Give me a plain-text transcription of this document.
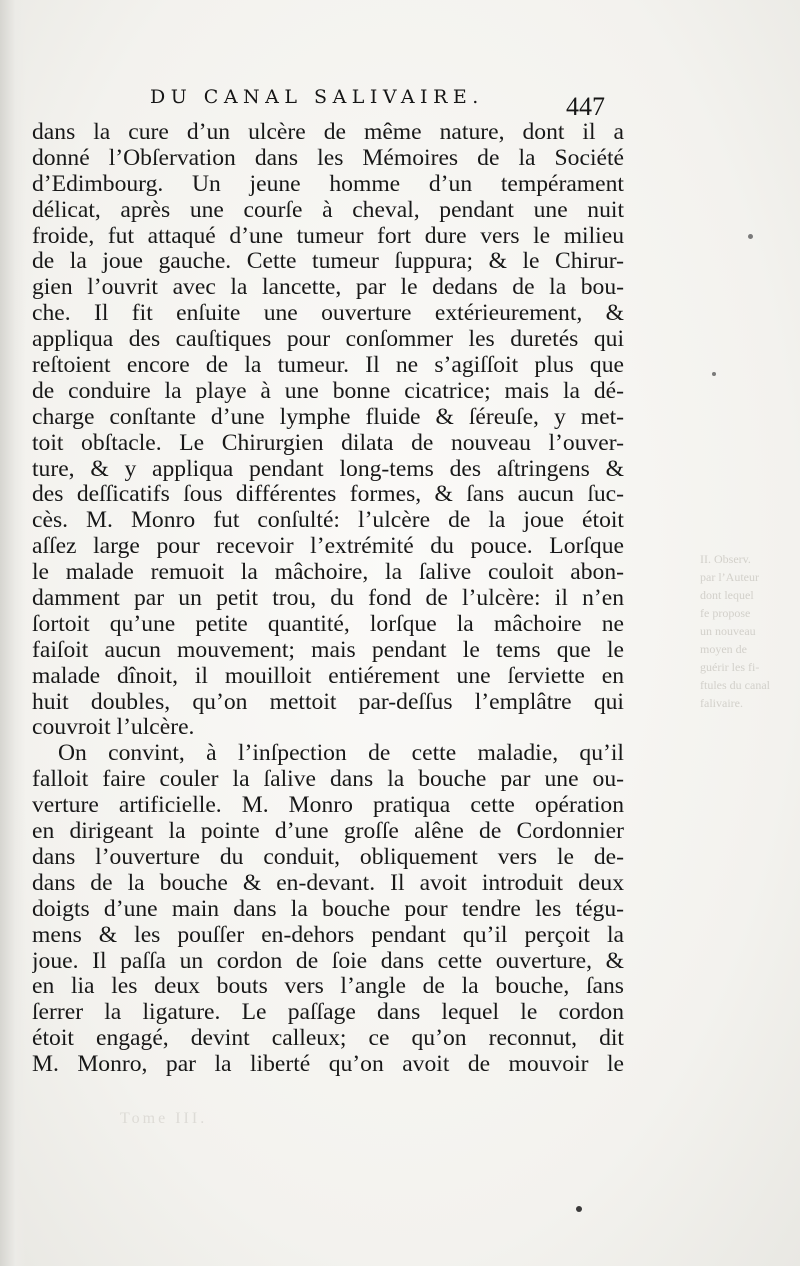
II. Observ.
par l’Auteur
dont lequel
fe propose
un nouveau
moyen de
guérir les fi-
ftules du canal
falivaire.
Tome III.
DU CANAL SALIVAIRE.	447
dans la cure d’un ulcère de même nature, dont il a
donné l’Obſervation dans les Mémoires de la Société
d’Edimbourg. Un jeune homme d’un tempérament
délicat, après une courſe à cheval, pendant une nuit
froide, fut attaqué d’une tumeur fort dure vers le milieu
de la joue gauche. Cette tumeur ſuppura; & le Chirur-
gien l’ouvrit avec la lancette, par le dedans de la bou-
che. Il fit enſuite une ouverture extérieurement, &
appliqua des cauſtiques pour conſommer les duretés qui
reſtoient encore de la tumeur. Il ne s’agiſſoit plus que
de conduire la playe à une bonne cicatrice; mais la dé-
charge conſtante d’une lymphe fluide & ſéreuſe, y met-
toit obſtacle. Le Chirurgien dilata de nouveau l’ouver-
ture, & y appliqua pendant long-tems des aſtringens &
des deſſicatifs ſous différentes formes, & ſans aucun ſuc-
cès. M. Monro fut conſulté: l’ulcère de la joue étoit
aſſez large pour recevoir l’extrémité du pouce. Lorſque
le malade remuoit la mâchoire, la ſalive couloit abon-
damment par un petit trou, du fond de l’ulcère: il n’en
ſortoit qu’une petite quantité, lorſque la mâchoire ne
faiſoit aucun mouvement; mais pendant le tems que le
malade dînoit, il mouilloit entiérement une ſerviette en
huit doubles, qu’on mettoit par-deſſus l’emplâtre qui
couvroit l’ulcère.
On convint, à l’inſpection de cette maladie, qu’il
falloit faire couler la ſalive dans la bouche par une ou-
verture artificielle. M. Monro pratiqua cette opération
en dirigeant la pointe d’une groſſe alêne de Cordonnier
dans l’ouverture du conduit, obliquement vers le de-
dans de la bouche & en-devant. Il avoit introduit deux
doigts d’une main dans la bouche pour tendre les tégu-
mens & les pouſſer en-dehors pendant qu’il perçoit la
joue. Il paſſa un cordon de ſoie dans cette ouverture, &
en lia les deux bouts vers l’angle de la bouche, ſans
ſerrer la ligature. Le paſſage dans lequel le cordon
étoit engagé, devint calleux; ce qu’on reconnut, dit
M. Monro, par la liberté qu’on avoit de mouvoir le
